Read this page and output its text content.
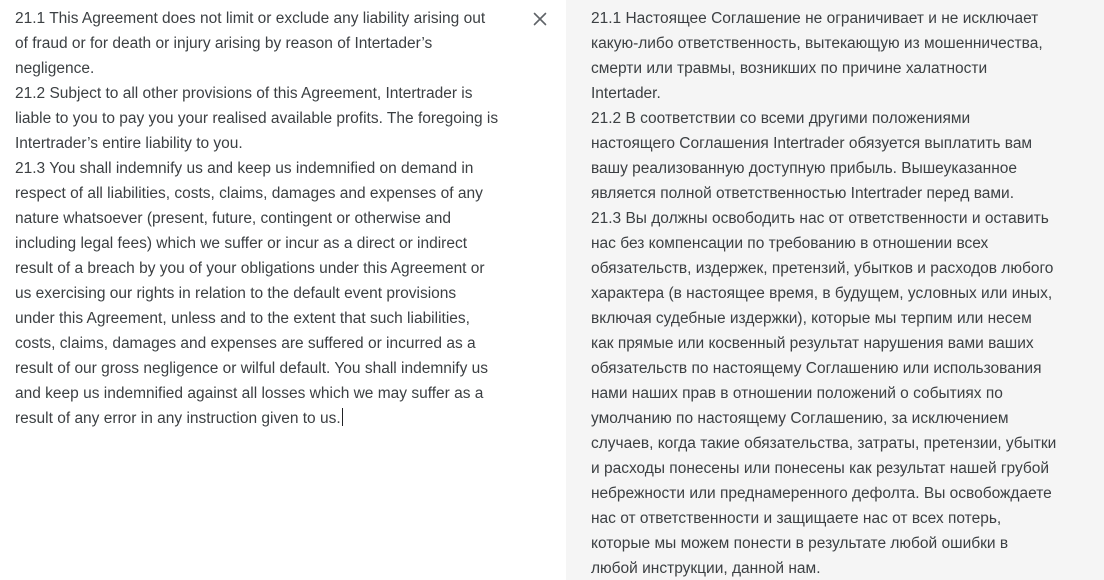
21.1 This Agreement does not limit or exclude any liability arising out
of fraud or for death or injury arising by reason of Intertader’s
negligence.
21.2 Subject to all other provisions of this Agreement, Intertrader is
liable to you to pay you your realised available profits. The foregoing is
Intertrader’s entire liability to you.
21.3 You shall indemnify us and keep us indemnified on demand in
respect of all liabilities, costs, claims, damages and expenses of any
nature whatsoever (present, future, contingent or otherwise and
including legal fees) which we suffer or incur as a direct or indirect
result of a breach by you of your obligations under this Agreement or
us exercising our rights in relation to the default event provisions
under this Agreement, unless and to the extent that such liabilities,
costs, claims, damages and expenses are suffered or incurred as a
result of our gross negligence or wilful default. You shall indemnify us
and keep us indemnified against all losses which we may suffer as a
result of any error in any instruction given to us.
21.1 Настоящее Соглашение не ограничивает и не исключает
какую-либо ответственность, вытекающую из мошенничества,
смерти или травмы, возникших по причине халатности
Intertader.
21.2 В соответствии со всеми другими положениями
настоящего Соглашения Intertrader обязуется выплатить вам
вашу реализованную доступную прибыль. Вышеуказанное
является полной ответственностью Intertrader перед вами.
21.3 Вы должны освободить нас от ответственности и оставить
нас без компенсации по требованию в отношении всех
обязательств, издержек, претензий, убытков и расходов любого
характера (в настоящее время, в будущем, условных или иных,
включая судебные издержки), которые мы терпим или несем
как прямые или косвенный результат нарушения вами ваших
обязательств по настоящему Соглашению или использования
нами наших прав в отношении положений о событиях по
умолчанию по настоящему Соглашению, за исключением
случаев, когда такие обязательства, затраты, претензии, убытки
и расходы понесены или понесены как результат нашей грубой
небрежности или преднамеренного дефолта. Вы освобождаете
нас от ответственности и защищаете нас от всех потерь,
которые мы можем понести в результате любой ошибки в
любой инструкции, данной нам.
